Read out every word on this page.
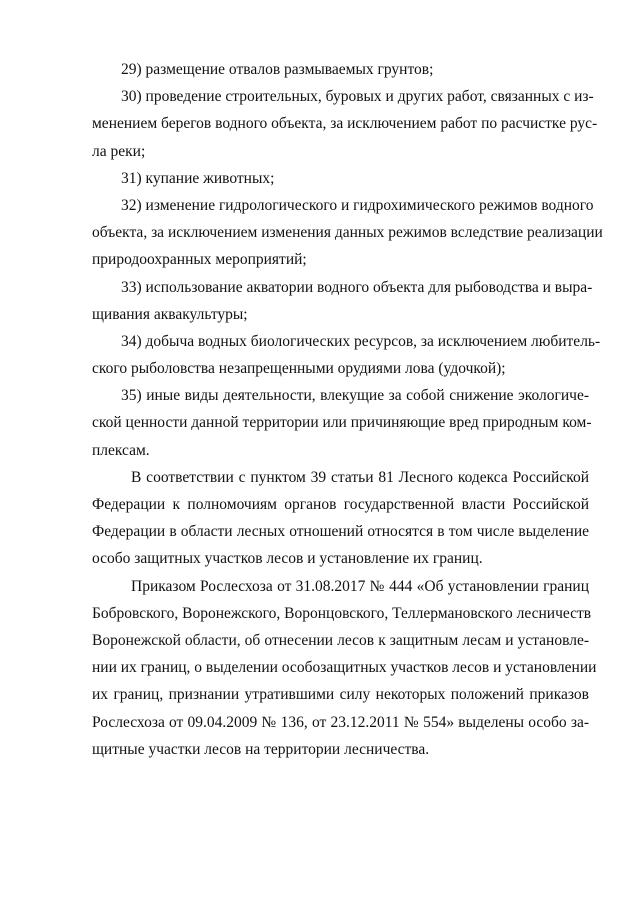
29) размещение отвалов размываемых грунтов;

30) проведение строительных, буровых и других работ, связанных с из-
менением берегов водного объекта, за исключением работ по расчистке рус-
ла реки;

31) купание животных;

32) изменение гидрологического и гидрохимического режимов водного
объекта, за исключением изменения данных режимов вследствие реализации
природоохранных мероприятий;

33) использование акватории водного объекта для рыбоводства и выра-
щивания аквакультуры;

34) добыча водных биологических ресурсов, за исключением любитель-
ского рыболовства незапрещенными орудиями лова (удочкой);

35) иные виды деятельности, влекущие за собой снижение экологиче-
ской ценности данной территории или причиняющие вред природным ком-
плексам.

В соответствии с пунктом 39 статьи 81 Лесного кодекса Российской
Федерации к полномочиям органов государственной власти Российской
Федерации в области лесных отношений относятся в том числе выделение
особо защитных участков лесов и установление их границ.

Приказом Рослесхоза от 31.08.2017 № 444 «Об установлении границ
Бобровского, Воронежского, Воронцовского, Теллермановского лесничеств
Воронежской области, об отнесении лесов к защитным лесам и установле-
нии их границ, о выделении особозащитных участков лесов и установлении
их границ, признании утратившими силу некоторых положений приказов
Рослесхоза от 09.04.2009 № 136, от 23.12.2011 № 554» выделены особо за-
щитные участки лесов на территории лесничества.
